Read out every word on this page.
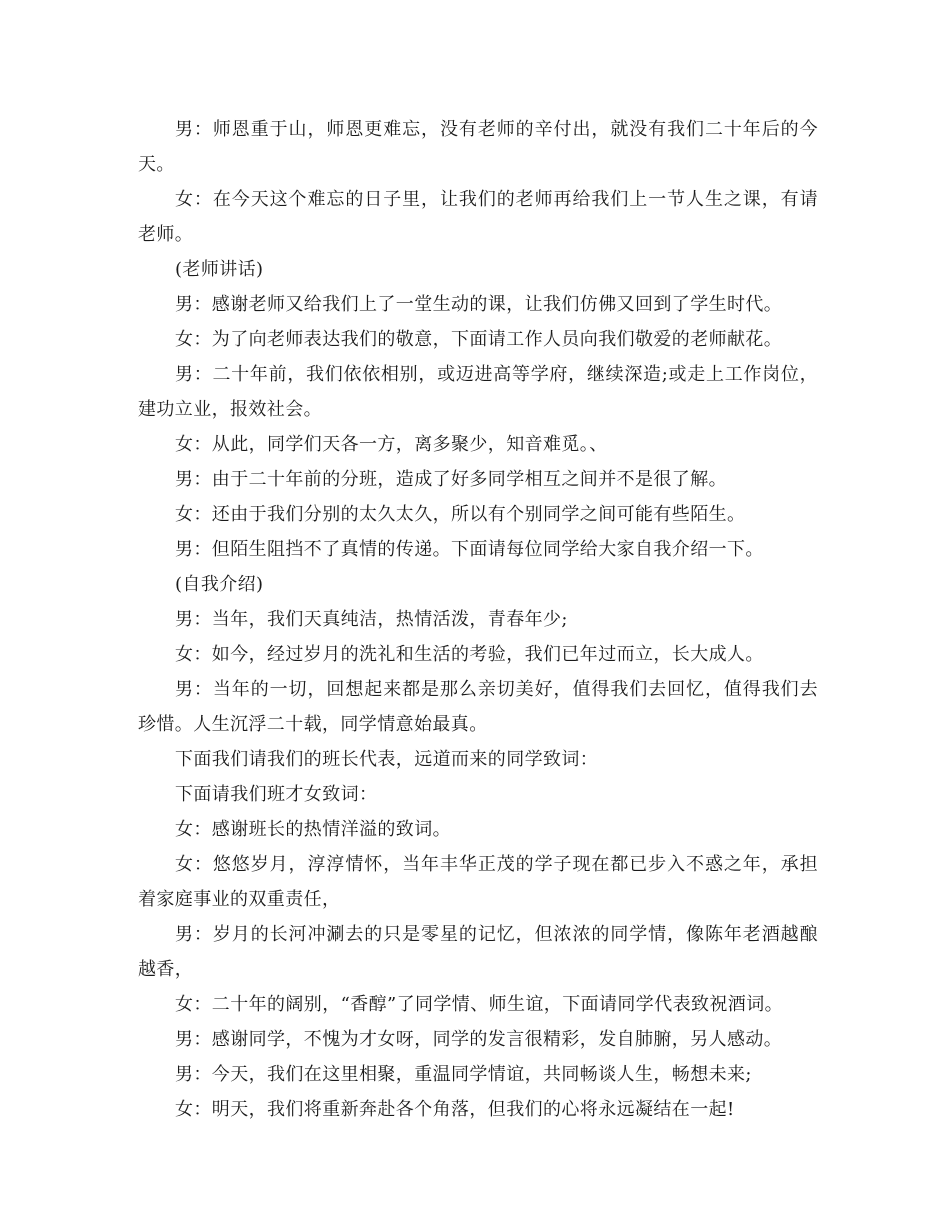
男：师恩重于山，师恩更难忘，没有老师的辛付出，就没有我们二十年后的今天。

女：在今天这个难忘的日子里，让我们的老师再给我们上一节人生之课，有请老师。

(老师讲话)

男：感谢老师又给我们上了一堂生动的课，让我们仿佛又回到了学生时代。

女：为了向老师表达我们的敬意，下面请工作人员向我们敬爱的老师献花。

男：二十年前，我们依依相别，或迈进高等学府，继续深造;或走上工作岗位，建功立业，报效社会。

女：从此，同学们天各一方，离多聚少，知音难觅。、

男：由于二十年前的分班，造成了好多同学相互之间并不是很了解。

女：还由于我们分别的太久太久，所以有个别同学之间可能有些陌生。

男：但陌生阻挡不了真情的传递。下面请每位同学给大家自我介绍一下。

(自我介绍)

男：当年，我们天真纯洁，热情活泼，青春年少;

女：如今，经过岁月的洗礼和生活的考验，我们已年过而立，长大成人。

男：当年的一切，回想起来都是那么亲切美好，值得我们去回忆，值得我们去珍惜。人生沉浮二十载，同学情意始最真。

下面我们请我们的班长代表，远道而来的同学致词：

下面请我们班才女致词：

女：感谢班长的热情洋溢的致词。

女：悠悠岁月，淳淳情怀，当年丰华正茂的学子现在都已步入不惑之年，承担着家庭事业的双重责任，

男：岁月的长河冲涮去的只是零星的记忆，但浓浓的同学情，像陈年老酒越酿越香，

女：二十年的阔别，“香醇”了同学情、师生谊，下面请同学代表致祝酒词。

男：感谢同学，不愧为才女呀，同学的发言很精彩，发自肺腑，另人感动。

男：今天，我们在这里相聚，重温同学情谊，共同畅谈人生，畅想未来;

女：明天，我们将重新奔赴各个角落，但我们的心将永远凝结在一起!
